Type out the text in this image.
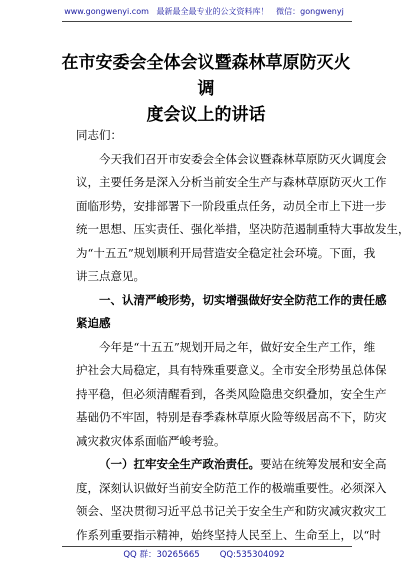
www.gongwenyi.com 最新最全最专业的公文资料库！ 微信：gongwenyj
在市安委会全体会议暨森林草原防灭火调
度会议上的讲话
同志们：
今天我们召开市安委会全体会议暨森林草原防灭火调度会
议，主要任务是深入分析当前安全生产与森林草原防灭火工作
面临形势，安排部署下一阶段重点任务，动员全市上下进一步
统一思想、压实责任、强化举措，坚决防范遏制重特大事故发生，
为“十五五”规划顺利开局营造安全稳定社会环境。下面，我
讲三点意见。
一、认清严峻形势，切实增强做好安全防范工作的责任感
紧迫感
今年是“十五五”规划开局之年，做好安全生产工作，维
护社会大局稳定，具有特殊重要意义。全市安全形势虽总体保
持平稳，但必须清醒看到，各类风险隐患交织叠加，安全生产
基础仍不牢固，特别是春季森林草原火险等级居高不下，防灾
减灾救灾体系面临严峻考验。
（一）扛牢安全生产政治责任。要站在统筹发展和安全高
度，深刻认识做好当前安全防范工作的极端重要性。必须深入
领会、坚决贯彻习近平总书记关于安全生产和防灾减灾救灾工
作系列重要指示精神，始终坚持人民至上、生命至上，以“时
QQ 群：30265665 QQ:535304092
